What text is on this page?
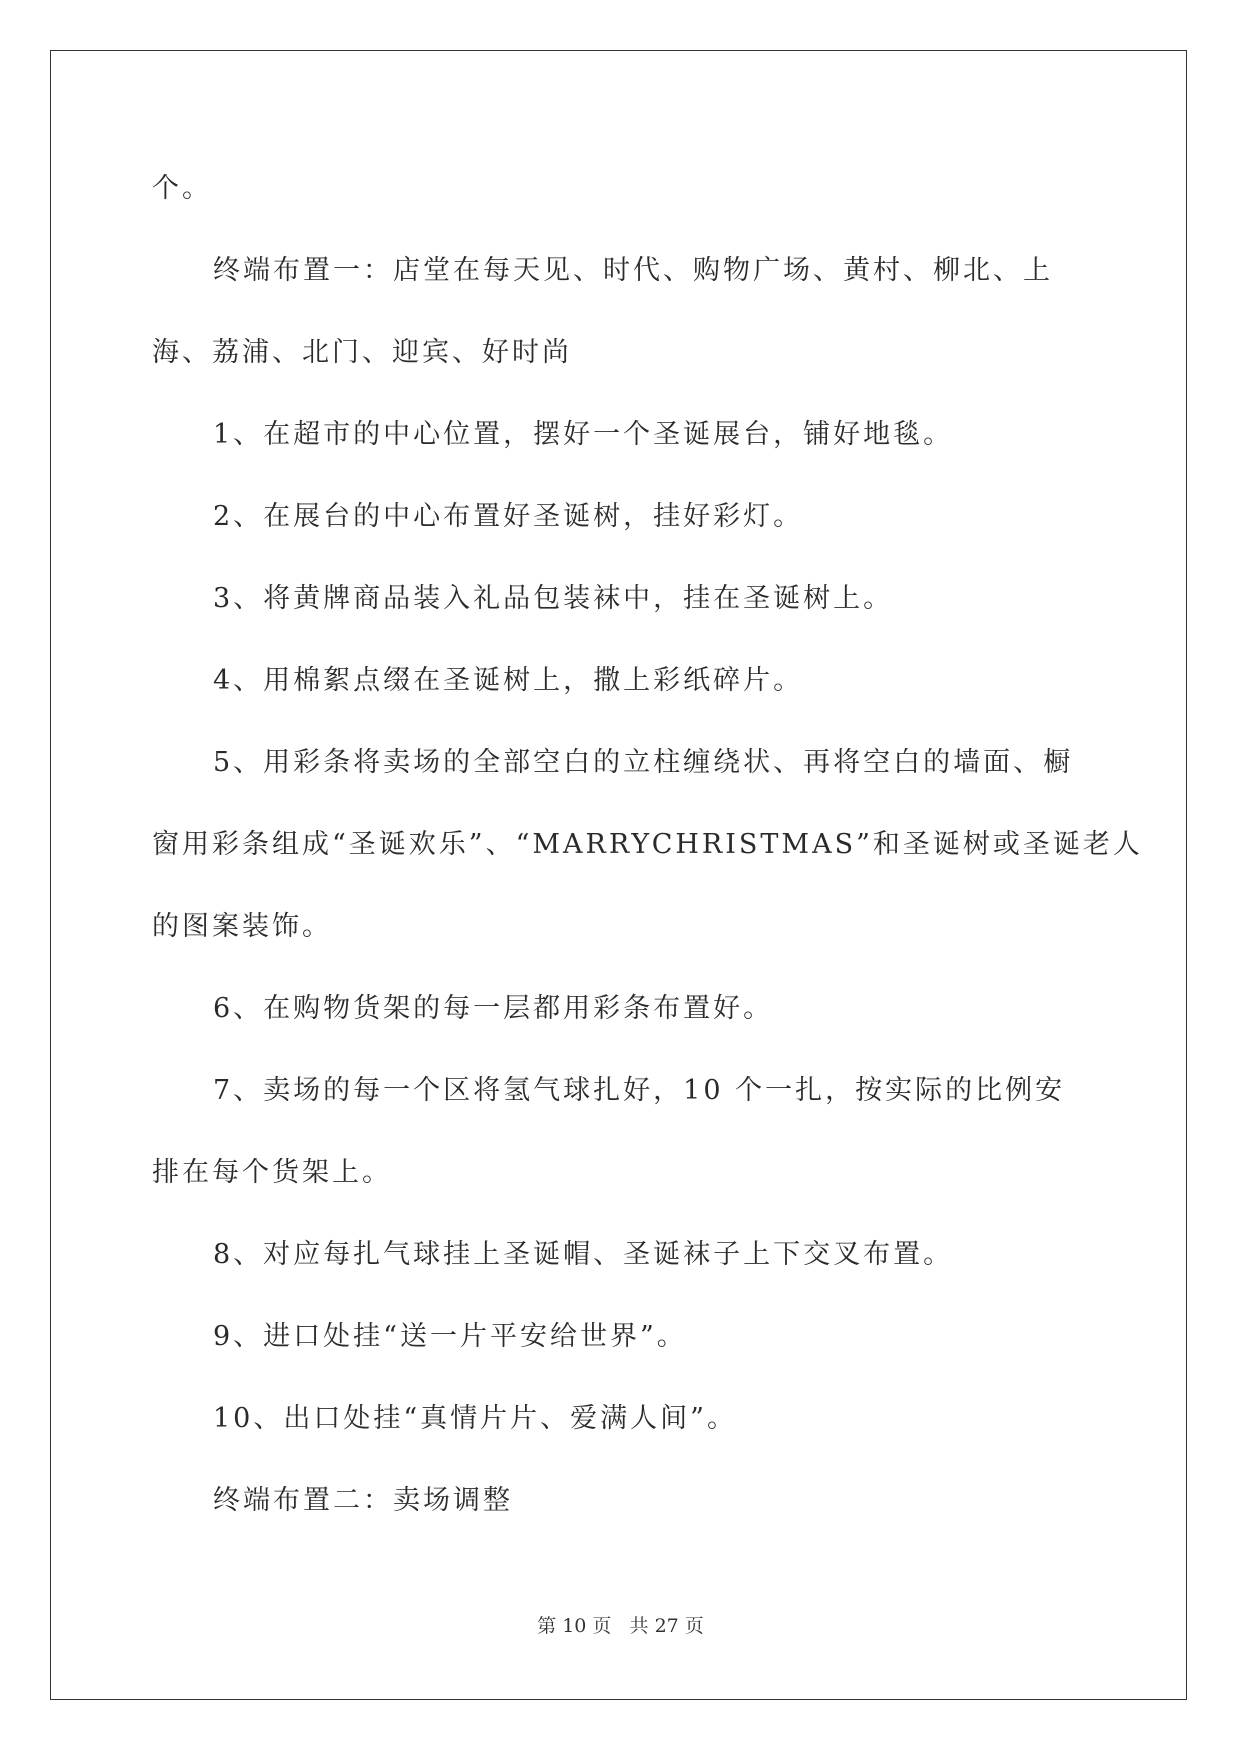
个。

终端布置一：店堂在每天见、时代、购物广场、黄村、柳北、上

海、荔浦、北门、迎宾、好时尚

1、在超市的中心位置，摆好一个圣诞展台，铺好地毯。

2、在展台的中心布置好圣诞树，挂好彩灯。

3、将黄牌商品装入礼品包装袜中，挂在圣诞树上。

4、用棉絮点缀在圣诞树上，撒上彩纸碎片。

5、用彩条将卖场的全部空白的立柱缠绕状、再将空白的墙面、橱

窗用彩条组成“圣诞欢乐”、“MARRYCHRISTMAS”和圣诞树或圣诞老人

的图案装饰。

6、在购物货架的每一层都用彩条布置好。

7、卖场的每一个区将氢气球扎好，10 个一扎，按实际的比例安

排在每个货架上。

8、对应每扎气球挂上圣诞帽、圣诞袜子上下交叉布置。

9、进口处挂“送一片平安给世界”。

10、出口处挂“真情片片、爱满人间”。

终端布置二：卖场调整

第 10 页   共 27 页
